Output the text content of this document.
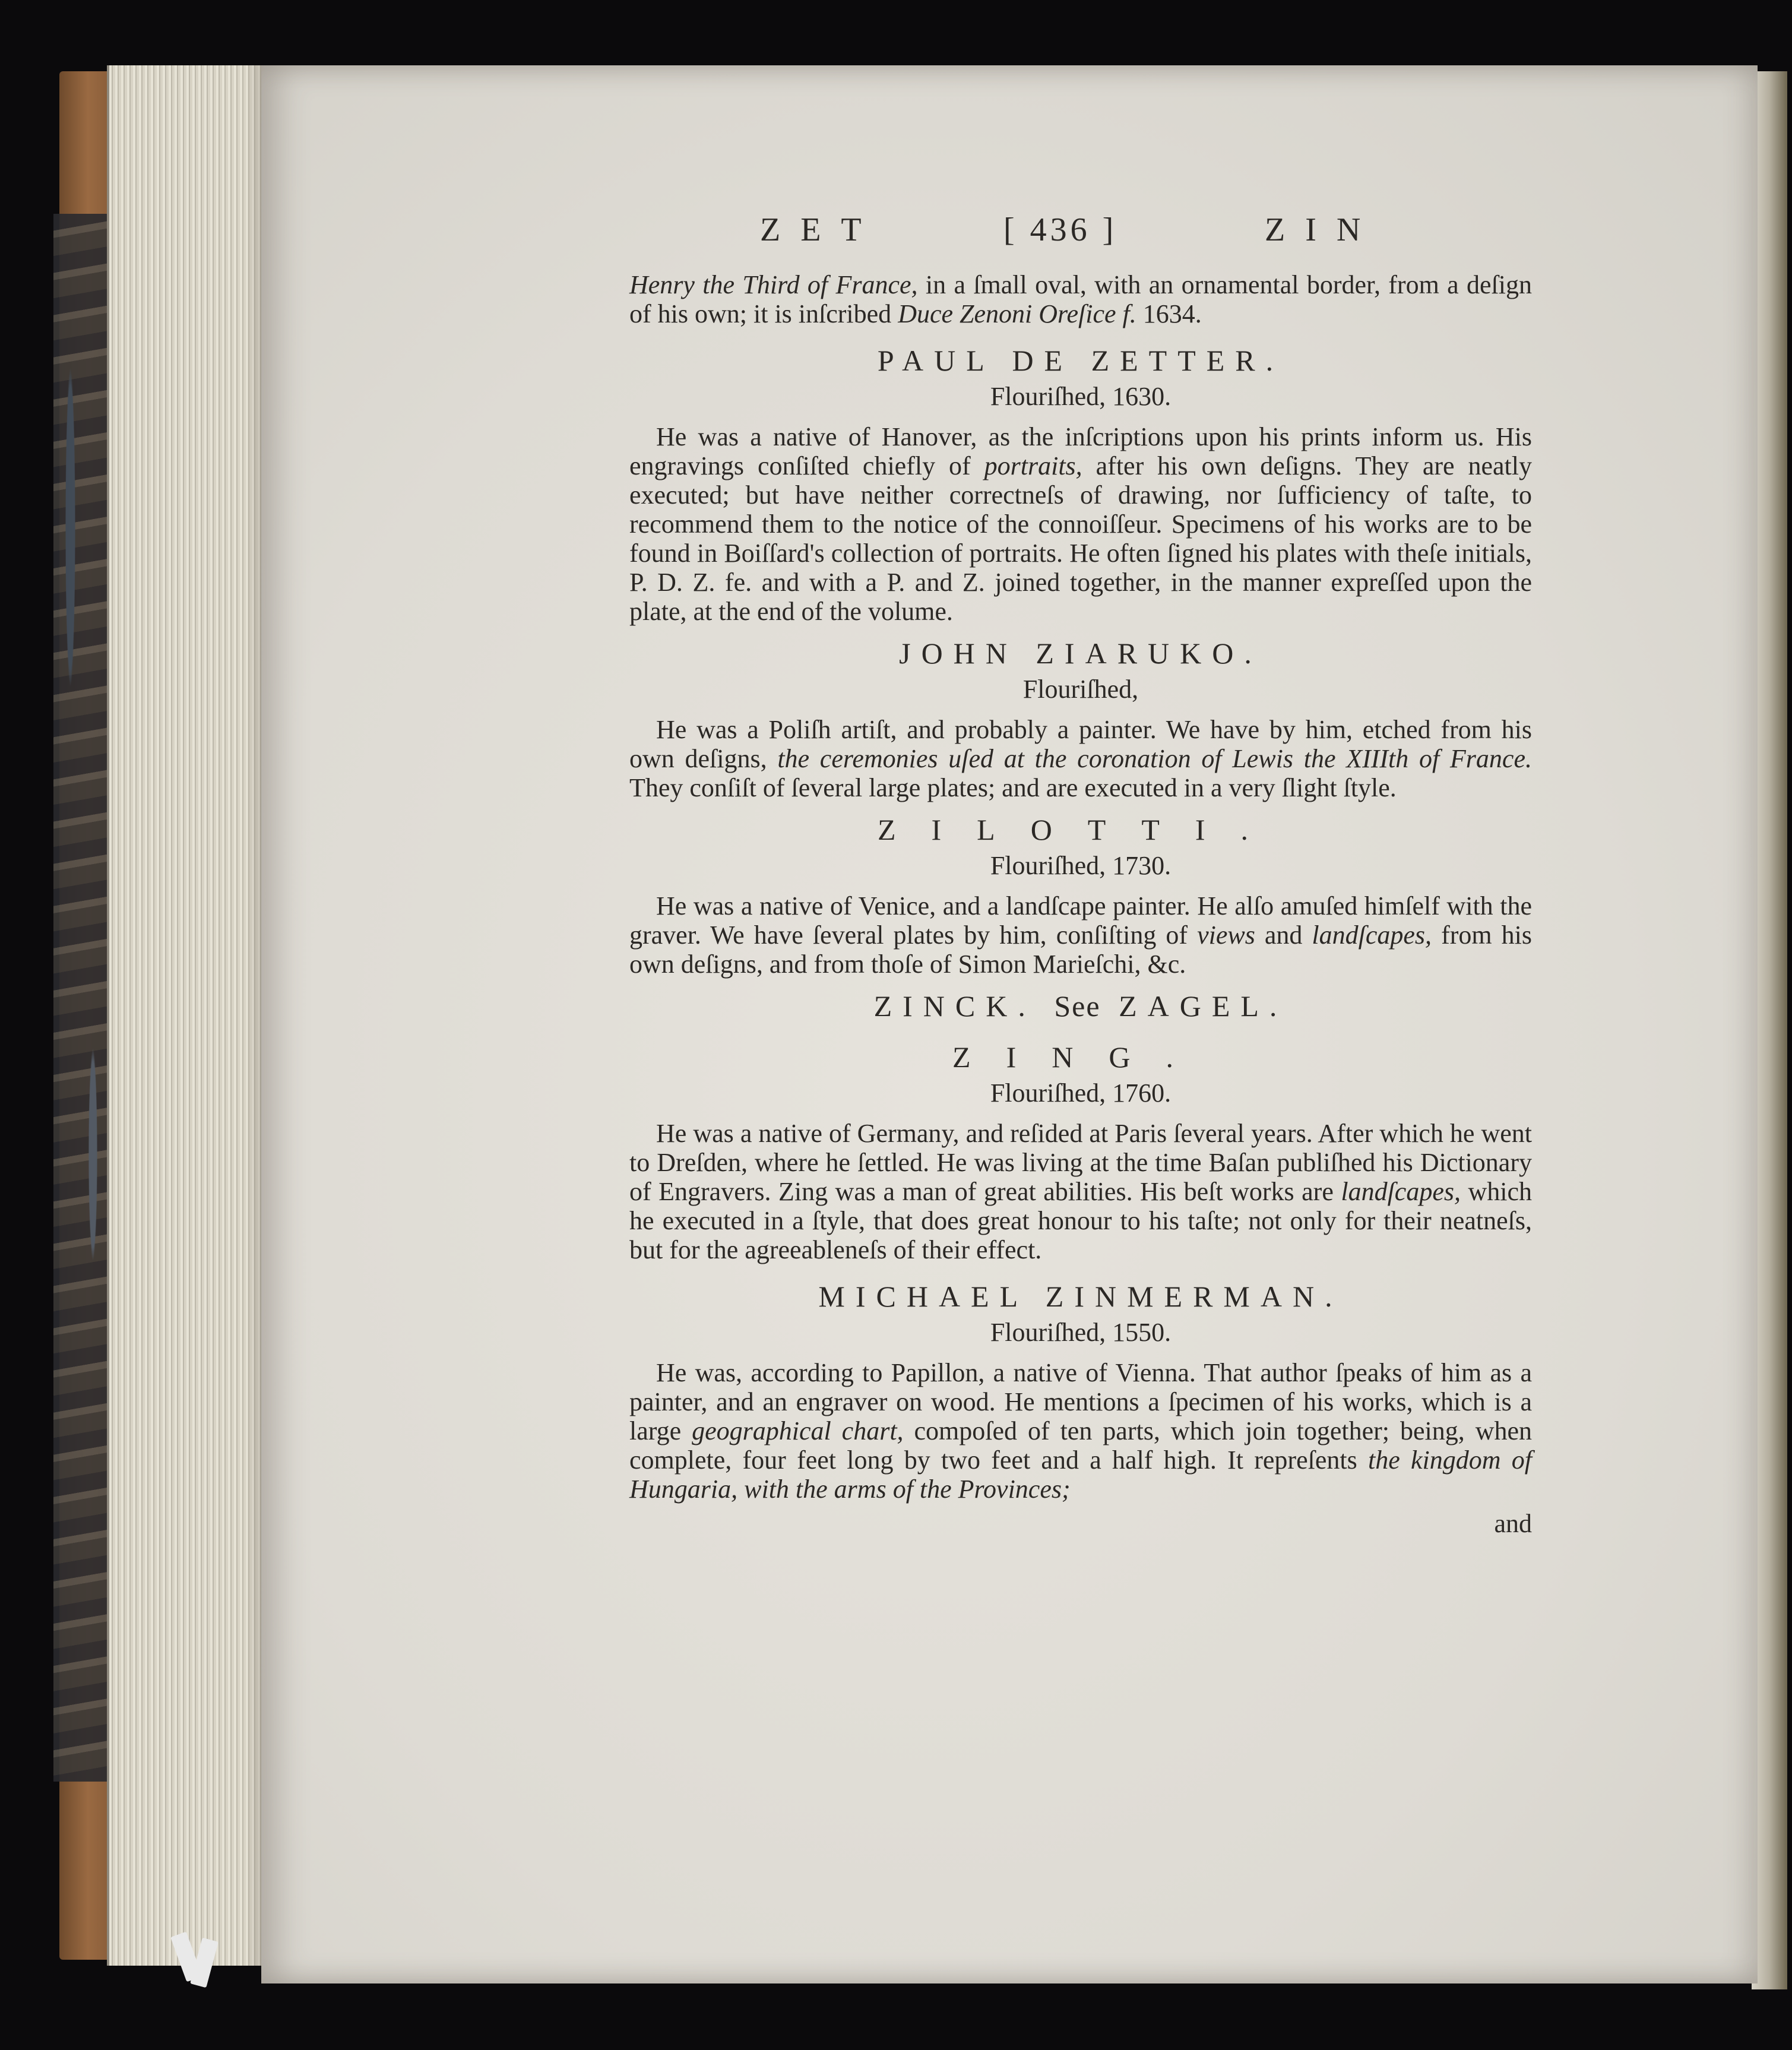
ZET	[ 436 ]	ZIN

Henry the Third of France, in a ſmall oval, with an ornamental border, from a deſign of his own; it is inſcribed Duce Zenoni Oreſice f. 1634.

PAUL DE ZETTER.

Flouriſhed, 1630.

He was a native of Hanover, as the inſcriptions upon his prints inform us. His engravings conſiſted chiefly of portraits, after his own deſigns. They are neatly executed; but have neither correctneſs of drawing, nor ſufficiency of taſte, to recommend them to the notice of the connoiſſeur. Specimens of his works are to be found in Boiſſard's collection of portraits. He often ſigned his plates with theſe initials, P. D. Z. fe. and with a P. and Z. joined together, in the manner expreſſed upon the plate, at the end of the volume.

JOHN ZIARUKO.

Flouriſhed,

He was a Poliſh artiſt, and probably a painter. We have by him, etched from his own deſigns, the ceremonies uſed at the coronation of Lewis the XIIIth of France. They conſiſt of ſeveral large plates; and are executed in a very ſlight ſtyle.

ZILOTTI.

Flouriſhed, 1730.

He was a native of Venice, and a landſcape painter. He alſo amuſed himſelf with the graver. We have ſeveral plates by him, conſiſting of views and landſcapes, from his own deſigns, and from thoſe of Simon Marieſchi, &c.

ZINCK. See ZAGEL.
ZING.

Flouriſhed, 1760.

He was a native of Germany, and reſided at Paris ſeveral years. After which he went to Dreſden, where he ſettled. He was living at the time Baſan publiſhed his Dictionary of Engravers. Zing was a man of great abilities. His beſt works are landſcapes, which he executed in a ſtyle, that does great honour to his taſte; not only for their neatneſs, but for the agreeableneſs of their effect.

MICHAEL ZINMERMAN.

Flouriſhed, 1550.

He was, according to Papillon, a native of Vienna. That author ſpeaks of him as a painter, and an engraver on wood. He mentions a ſpecimen of his works, which is a large geographical chart, compoſed of ten parts, which join together; being, when complete, four feet long by two feet and a half high. It repreſents the kingdom of Hungaria, with the arms of the Provinces;

and
